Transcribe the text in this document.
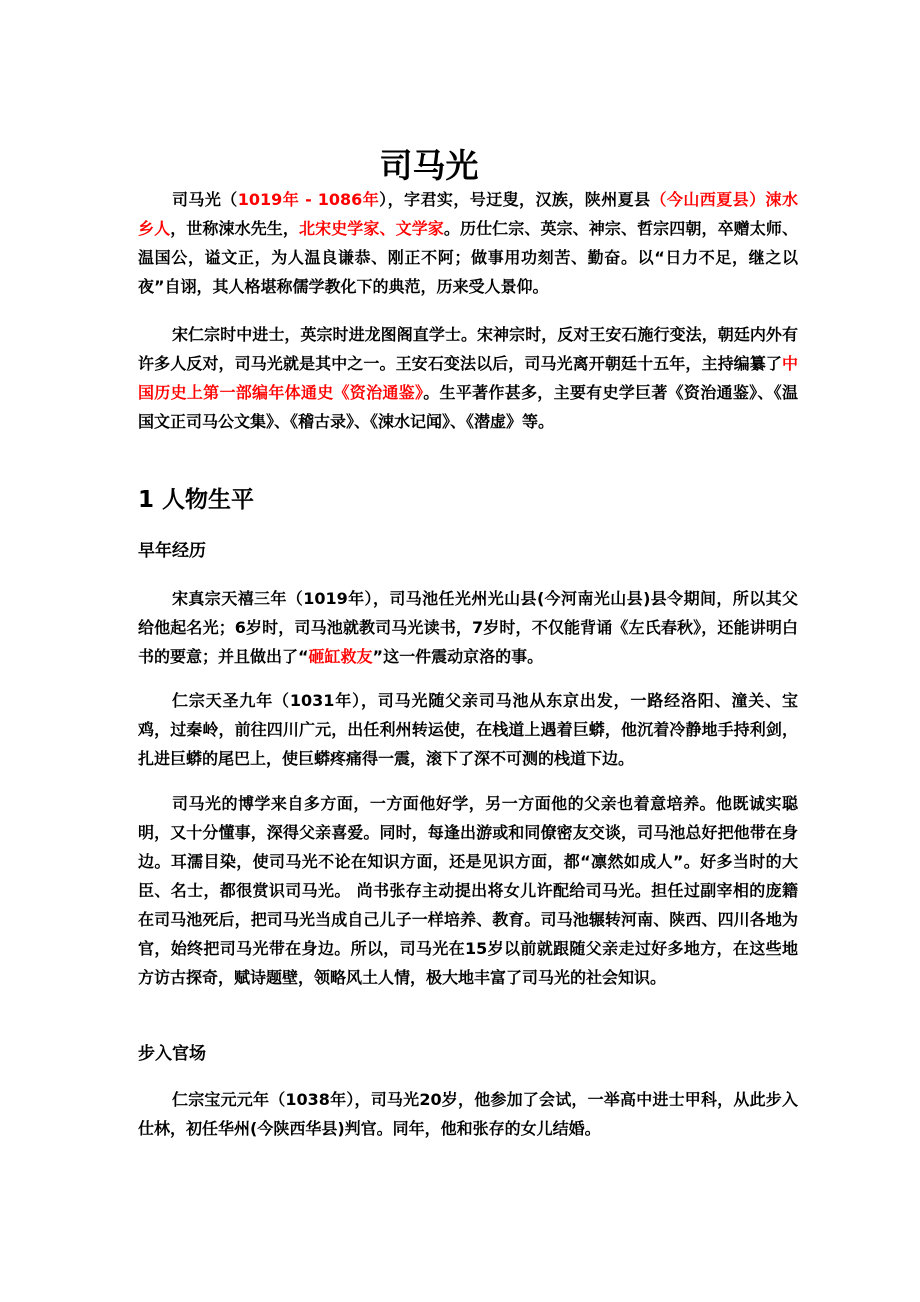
司马光

司马光（1019年 - 1086年），字君实，号迂叟，汉族，陕州夏县（今山西夏县）涑水乡人，世称涑水先生，北宋史学家、文学家。历仕仁宗、英宗、神宗、哲宗四朝，卒赠太师、温国公，谥文正，为人温良谦恭、刚正不阿；做事用功刻苦、勤奋。以“日力不足，继之以夜”自诩，其人格堪称儒学教化下的典范，历来受人景仰。

宋仁宗时中进士，英宗时进龙图阁直学士。宋神宗时，反对王安石施行变法，朝廷内外有许多人反对，司马光就是其中之一。王安石变法以后，司马光离开朝廷十五年，主持编纂了中国历史上第一部编年体通史《资治通鉴》。生平著作甚多，主要有史学巨著《资治通鉴》、《温国文正司马公文集》、《稽古录》、《涑水记闻》、《潜虚》等。

1 人物生平
早年经历

宋真宗天禧三年（1019年），司马池任光州光山县(今河南光山县)县令期间，所以其父给他起名光；6岁时，司马池就教司马光读书，7岁时，不仅能背诵《左氏春秋》，还能讲明白书的要意；并且做出了“砸缸救友”这一件震动京洛的事。

仁宗天圣九年（1031年），司马光随父亲司马池从东京出发，一路经洛阳、潼关、宝鸡，过秦岭，前往四川广元，出任利州转运使，在栈道上遇着巨蟒，他沉着冷静地手持利剑，扎进巨蟒的尾巴上，使巨蟒疼痛得一震，滚下了深不可测的栈道下边。

司马光的博学来自多方面，一方面他好学，另一方面他的父亲也着意培养。他既诚实聪明，又十分懂事，深得父亲喜爱。同时，每逢出游或和同僚密友交谈，司马池总好把他带在身边。耳濡目染，使司马光不论在知识方面，还是见识方面，都“凛然如成人”。好多当时的大臣、名士，都很赏识司马光。 尚书张存主动提出将女儿许配给司马光。担任过副宰相的庞籍在司马池死后，把司马光当成自己儿子一样培养、教育。司马池辗转河南、陕西、四川各地为官，始终把司马光带在身边。所以，司马光在15岁以前就跟随父亲走过好多地方，在这些地方访古探奇，赋诗题壁，领略风土人情，极大地丰富了司马光的社会知识。

步入官场

仁宗宝元元年（1038年），司马光20岁，他参加了会试，一举高中进士甲科，从此步入仕林，初任华州(今陕西华县)判官。同年，他和张存的女儿结婚。
